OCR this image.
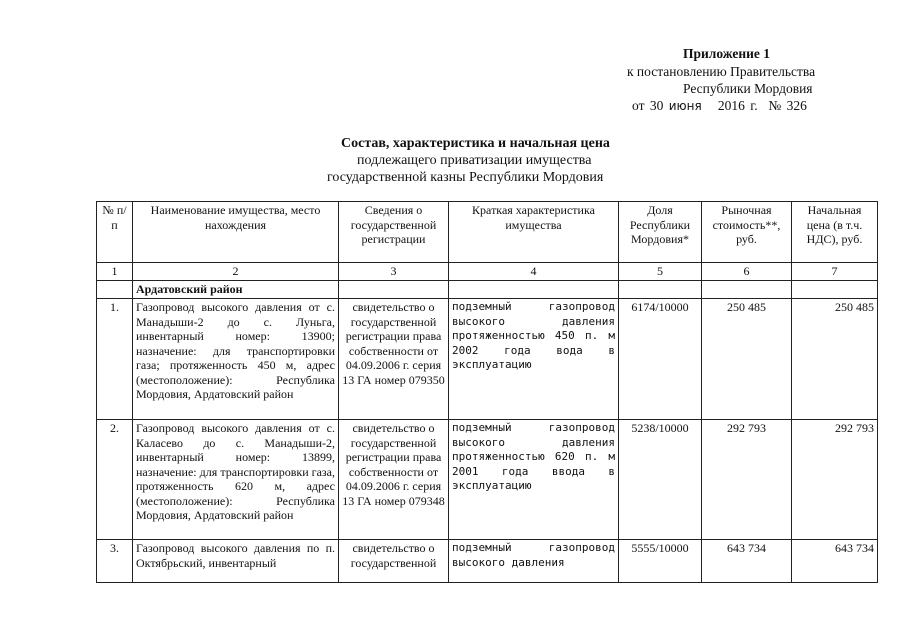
Приложение 1
к постановлению Правительства
Республики Мордовия
от 30 июня 2016 г. № 326
Состав, характеристика и начальная цена
подлежащего приватизации имущества
государственной казны Республики Мордовия
№ п/п	Наименование имущества, место нахождения	Сведения о государственной регистрации	Краткая характеристика имущества	Доля Республики Мордовия*	Рыночная стоимость**, руб.	Начальная цена (в т.ч. НДС), руб.
1	2	3	4	5	6	7
	Ардатовский район					
1.	Газопровод высокого давления от с. Манадыши-2 до с. Луньга, инвентарный номер: 13900; назначение: для транспортировки газа; протяженность 450 м, адрес (местоположение): Республика Мордовия, Ардатовский район	свидетельство о государственной регистрации права собственности от 04.09.2006 г. серия 13 ГА номер 079350	подземный газопровод высокого давления протяженностью 450 п. м 2002 года вода в эксплуатацию	6174/10000	250 485	250 485
2.	Газопровод высокого давления от с. Каласево до с. Манадыши-2, инвентарный номер: 13899, назначение: для транспортировки газа, протяженность 620 м, адрес (местоположение): Республика Мордовия, Ардатовский район	свидетельство о государственной регистрации права собственности от 04.09.2006 г. серия 13 ГА номер 079348	подземный газопровод высокого давления протяженностью 620 п. м 2001 года ввода в эксплуатацию	5238/10000	292 793	292 793
3.	Газопровод высокого давления по п. Октябрьский, инвентарный	свидетельство о государственной	подземный газопровод высокого давления	5555/10000	643 734	643 734
